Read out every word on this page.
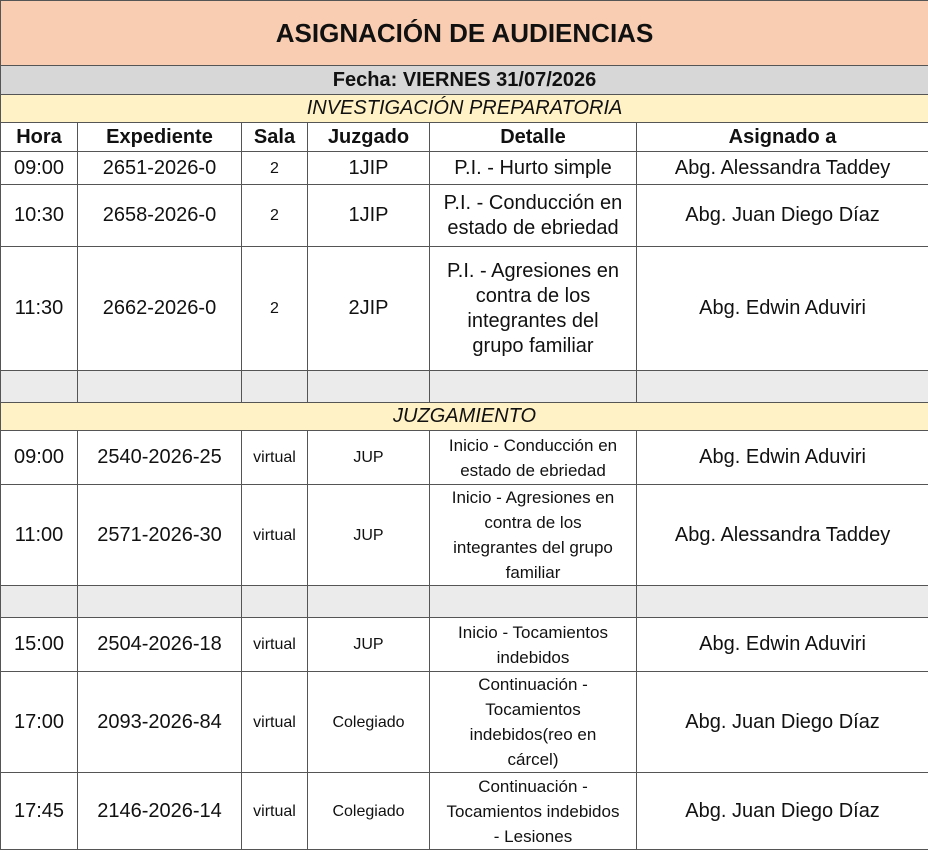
ASIGNACIÓN DE AUDIENCIAS					
Fecha: VIERNES 31/07/2026					
INVESTIGACIÓN PREPARATORIA					
Hora	Expediente	Sala	Juzgado	Detalle	Asignado a
09:00	2651-2026-0	2	1JIP	P.I. - Hurto simple	Abg. Alessandra Taddey
10:30	2658-2026-0	2	1JIP	P.I. - Conducción en
estado de ebriedad	Abg. Juan Diego Díaz
11:30	2662-2026-0	2	2JIP	P.I. - Agresiones en
contra de los
integrantes del
grupo familiar	Abg. Edwin Aduviri

JUZGAMIENTO					
09:00	2540-2026-25	virtual	JUP	Inicio - Conducción en
estado de ebriedad	Abg. Edwin Aduviri
11:00	2571-2026-30	virtual	JUP	Inicio - Agresiones en
contra de los
integrantes del grupo
familiar	Abg. Alessandra Taddey

15:00	2504-2026-18	virtual	JUP	Inicio - Tocamientos
indebidos	Abg. Edwin Aduviri
17:00	2093-2026-84	virtual	Colegiado	Continuación -
Tocamientos
indebidos(reo en
cárcel)	Abg. Juan Diego Díaz
17:45	2146-2026-14	virtual	Colegiado	Continuación -
Tocamientos indebidos
- Lesiones	Abg. Juan Diego Díaz
